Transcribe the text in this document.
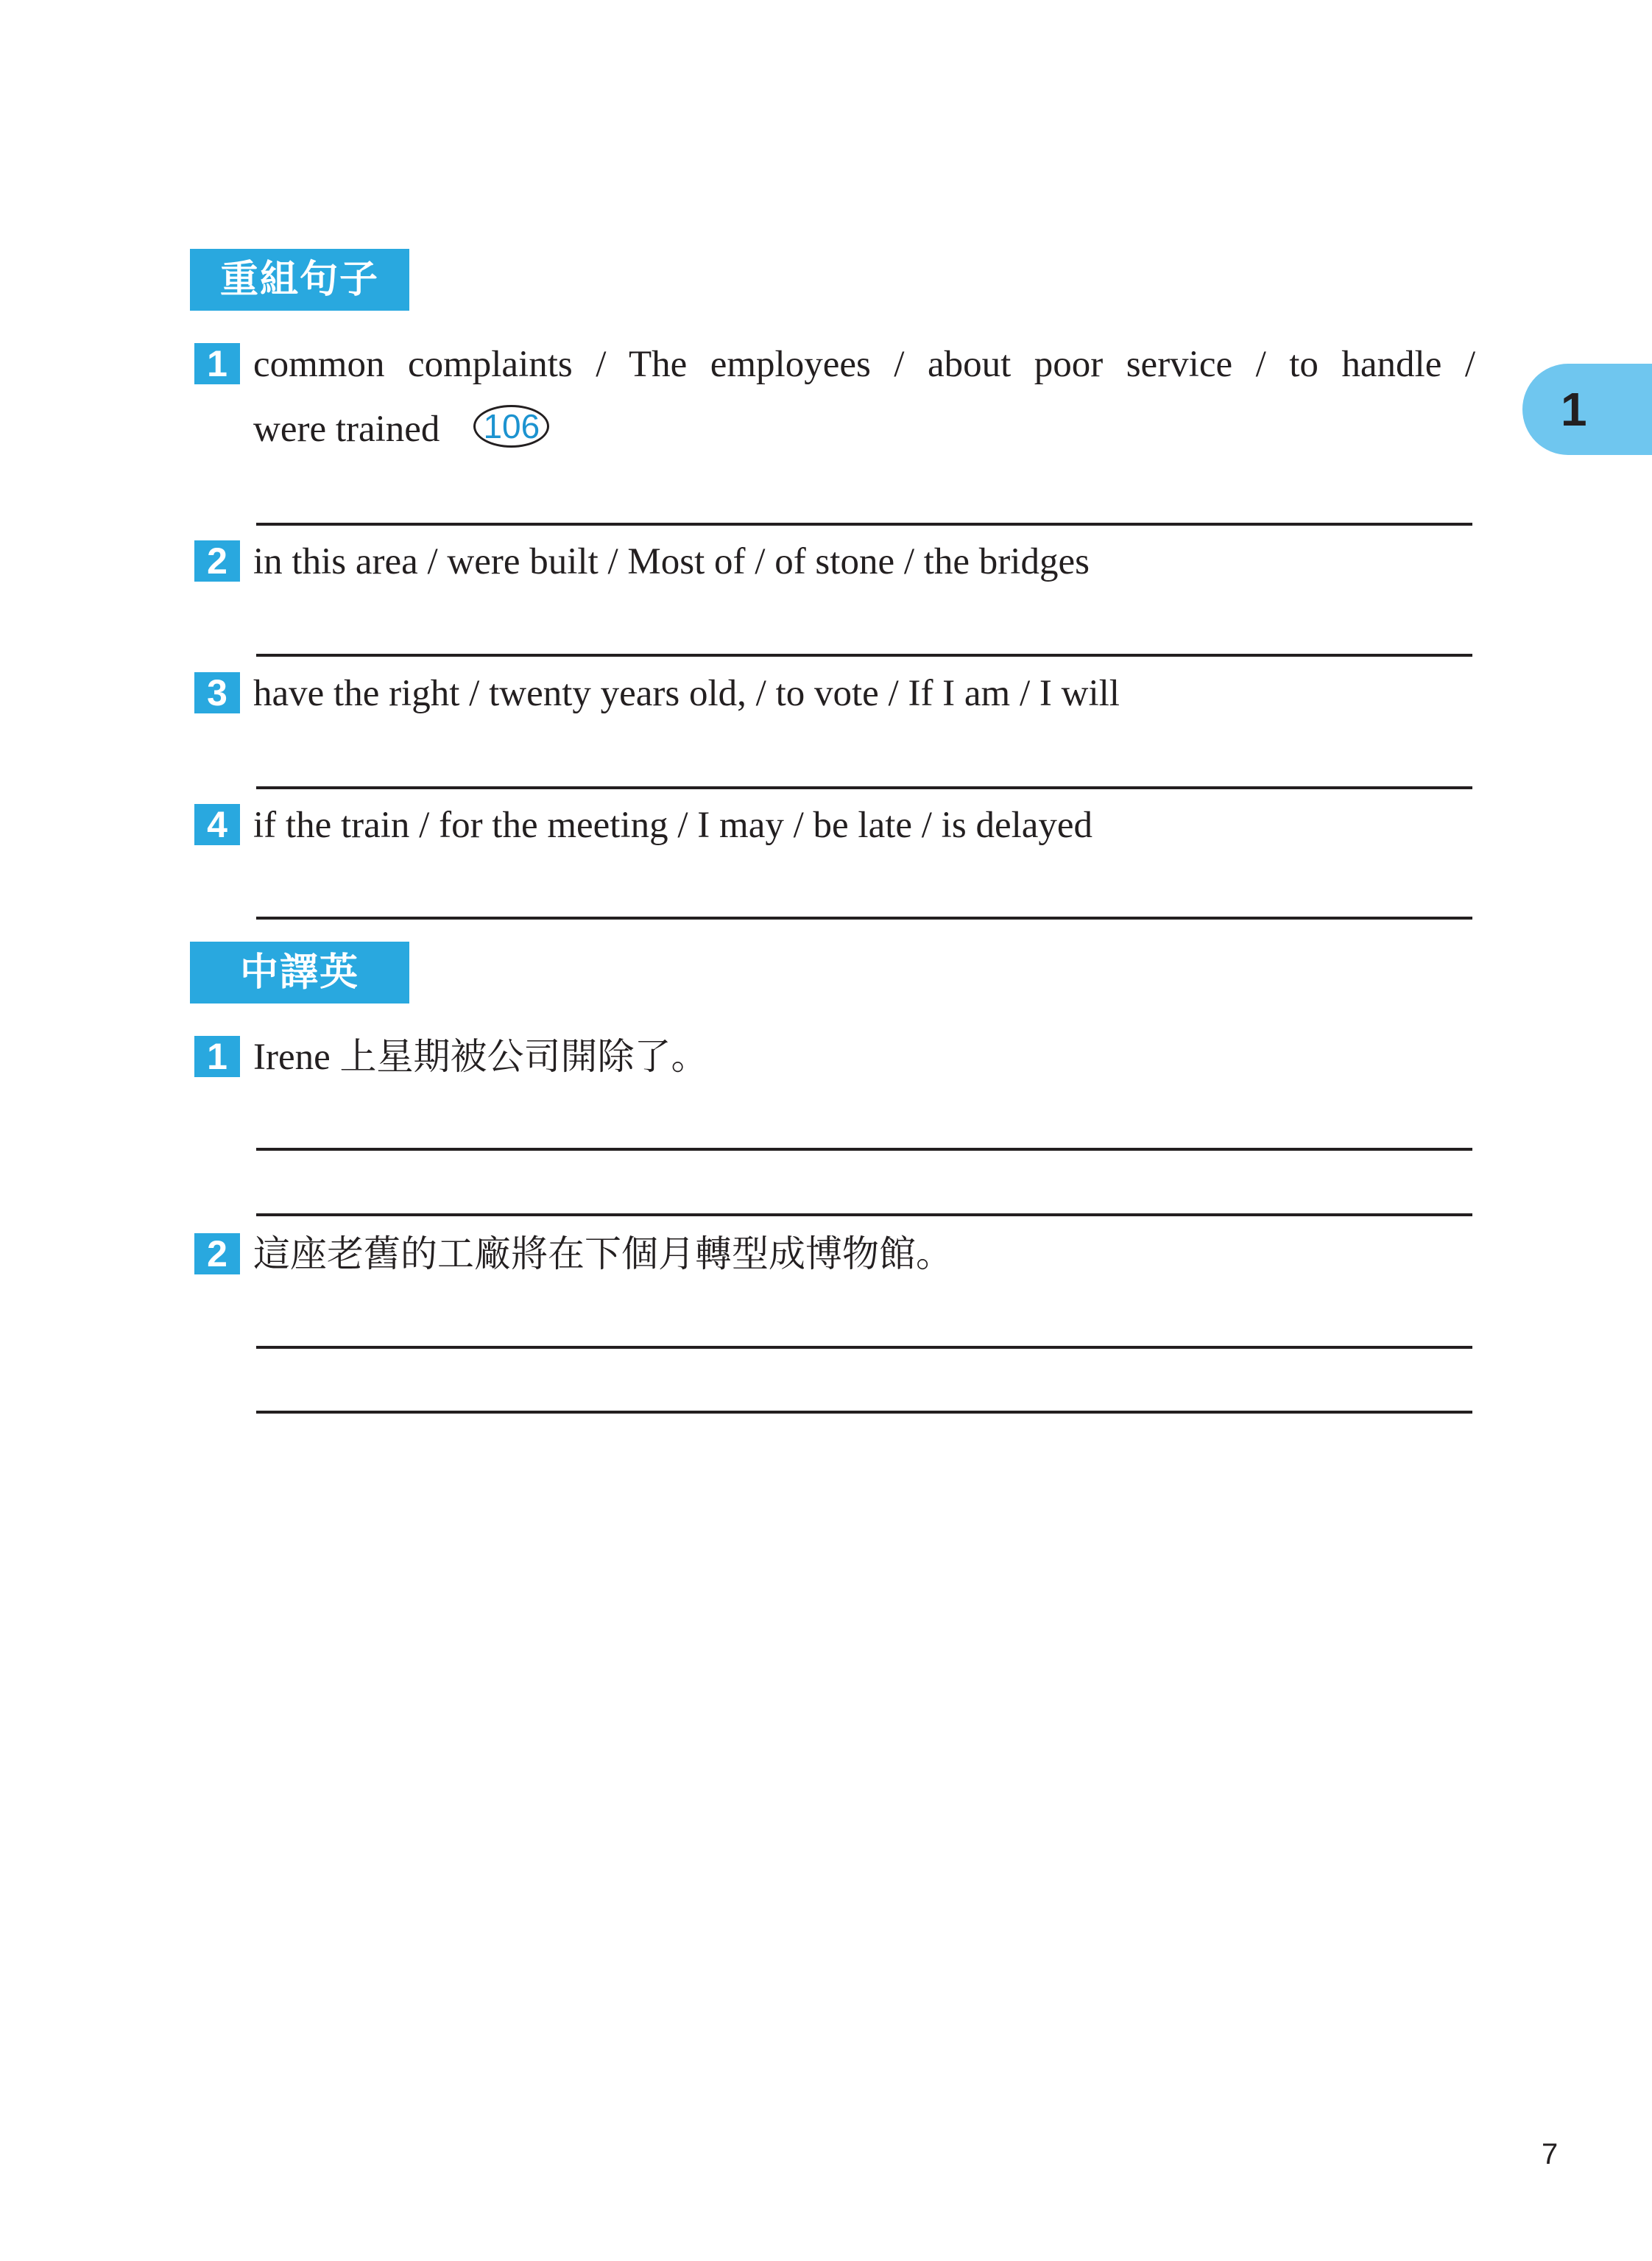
重組句子
1 common complaints / The employees / about poor service / to handle /
were trained 106
2 in this area / were built / Most of / of stone / the bridges
3 have the right / twenty years old, / to vote / If I am / I will
4 if the train / for the meeting / I may / be late / is delayed
中譯英
1 Irene 上星期被公司開除了。
2 這座老舊的工廠將在下個月轉型成博物館。
1
7
